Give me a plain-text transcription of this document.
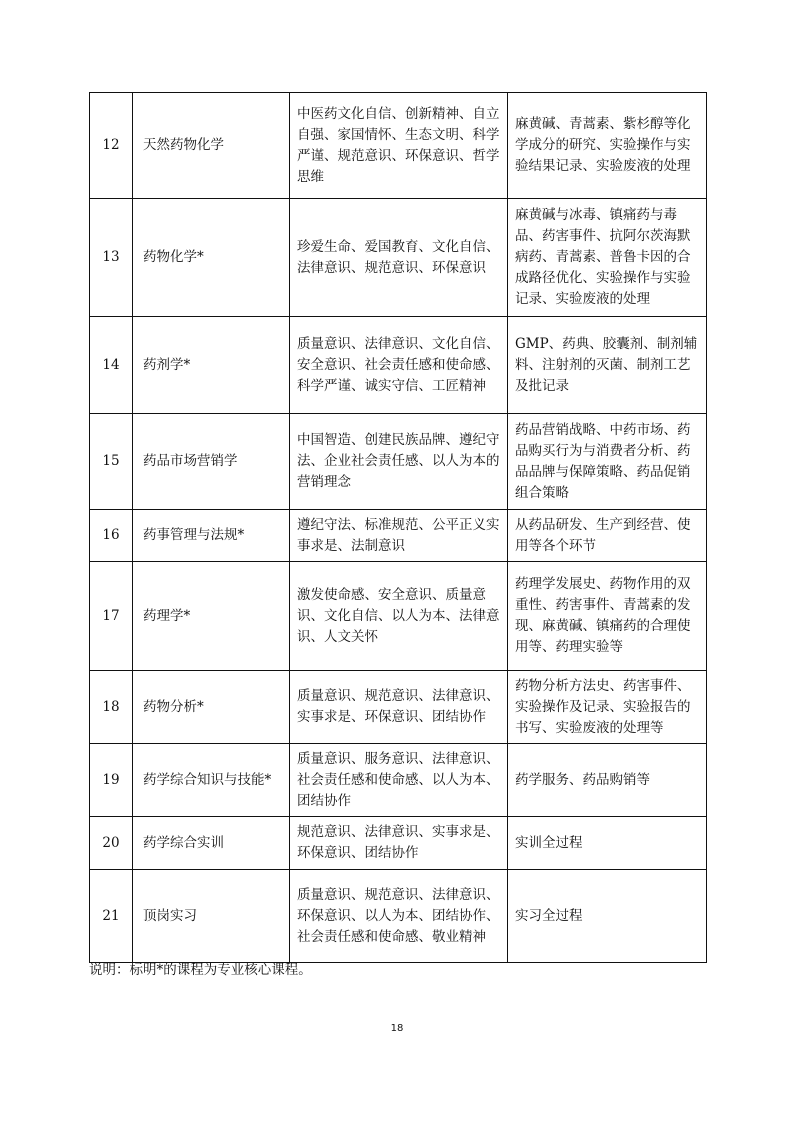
12	天然药物化学	中医药文化自信、创新精神、自立自强、家国情怀、生态文明、科学严谨、规范意识、环保意识、哲学思维	麻黄碱、青蒿素、紫杉醇等化学成分的研究、实验操作与实验结果记录、实验废液的处理
13	药物化学*	珍爱生命、爱国教育、文化自信、法律意识、规范意识、环保意识	麻黄碱与冰毒、镇痛药与毒品、药害事件、抗阿尔茨海默病药、青蒿素、普鲁卡因的合成路径优化、实验操作与实验记录、实验废液的处理
14	药剂学*	质量意识、法律意识、文化自信、安全意识、社会责任感和使命感、科学严谨、诚实守信、工匠精神	GMP、药典、胶囊剂、制剂辅料、注射剂的灭菌、制剂工艺及批记录
15	药品市场营销学	中国智造、创建民族品牌、遵纪守法、企业社会责任感、以人为本的营销理念	药品营销战略、中药市场、药品购买行为与消费者分析、药品品牌与保障策略、药品促销组合策略
16	药事管理与法规*	遵纪守法、标准规范、公平正义实事求是、法制意识	从药品研发、生产到经营、使用等各个环节
17	药理学*	激发使命感、安全意识、质量意识、文化自信、以人为本、法律意识、人文关怀	药理学发展史、药物作用的双重性、药害事件、青蒿素的发现、麻黄碱、镇痛药的合理使用等、药理实验等
18	药物分析*	质量意识、规范意识、法律意识、实事求是、环保意识、团结协作	药物分析方法史、药害事件、实验操作及记录、实验报告的书写、实验废液的处理等
19	药学综合知识与技能*	质量意识、服务意识、法律意识、社会责任感和使命感、以人为本、团结协作	药学服务、药品购销等
20	药学综合实训	规范意识、法律意识、实事求是、环保意识、团结协作	实训全过程
21	顶岗实习	质量意识、规范意识、法律意识、环保意识、以人为本、团结协作、社会责任感和使命感、敬业精神	实习全过程
说明：标明*的课程为专业核心课程。
18
